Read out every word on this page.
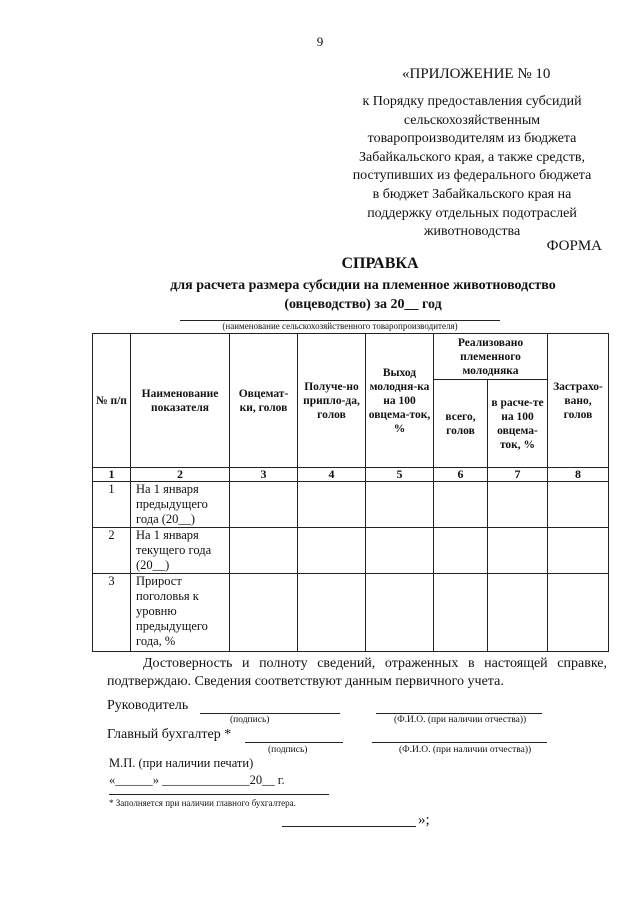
9
«ПРИЛОЖЕНИЕ № 10
к Порядку предоставления субсидий
сельскохозяйственным
товаропроизводителям из бюджета
Забайкальского края, а также средств,
поступивших из федерального бюджета
в бюджет Забайкальского края на
поддержку отдельных подотраслей
животноводства
ФОРМА
СПРАВКА
для расчета размера субсидии на племенное животноводство
(овцеводство) за 20__ год
(наименование сельскохозяйственного товаропроизводителя)
№ п/п	Наименование показателя	Овцемат-ки, голов	Получе-но припло-да, голов	Выход молодня-ка на 100 овцема-ток, %	Реализовано племенного молодняка		Застрахо-вано, голов
					всего, голов	в расче-те на 100 овцема-ток, %	
1	2	3	4	5	6	7	8
1	На 1 января предыдущего года (20__)						
2	На 1 января текущего года (20__)						
3	Прирост поголовья к уровню предыдущего года, %						
Достоверность и полноту сведений, отраженных в настоящей справке, подтверждаю. Сведения соответствуют данным первичного учета.
Руководитель
(подпись)	(Ф.И.О. (при наличии отчества))
Главный бухгалтер *
(подпись)	(Ф.И.О. (при наличии отчества))
М.П. (при наличии печати)
«______» ______________20__ г.
* Заполняется при наличии главного бухгалтера.
»;
